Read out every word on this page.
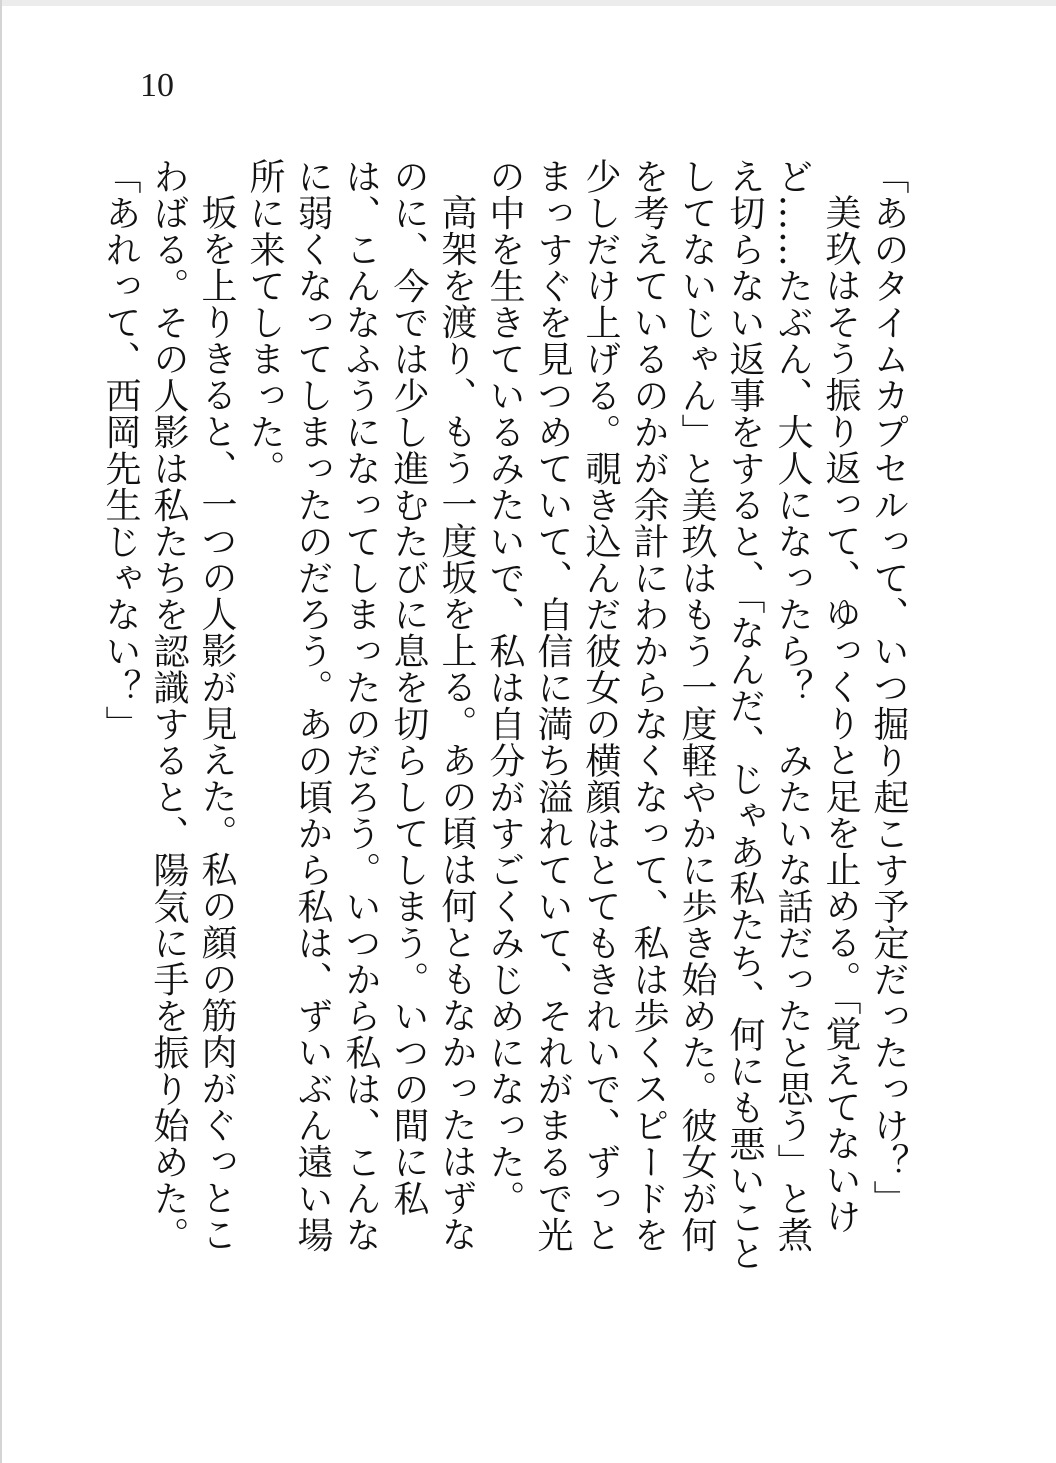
10

「あのタイムカプセルって、いつ掘り起こす予定だったっけ？」

美玖はそう振り返って、ゆっくりと足を止める。「覚えてないけど……たぶん、大人になったら？　みたいな話だったと思う」と煮え切らない返事をすると、「なんだ、じゃあ私たち、何にも悪いことしてないじゃん」と美玖はもう一度軽やかに歩き始めた。彼女が何を考えているのかが余計にわからなくなって、私は歩くスピードを少しだけ上げる。覗き込んだ彼女の横顔はとてもきれいで、ずっとまっすぐを見つめていて、自信に満ち溢れていて、それがまるで光の中を生きているみたいで、私は自分がすごくみじめになった。

高架を渡り、もう一度坂を上る。あの頃は何ともなかったはずなのに、今では少し進むたびに息を切らしてしまう。いつの間に私は、こんなふうになってしまったのだろう。いつから私は、こんなに弱くなってしまったのだろう。あの頃から私は、ずいぶん遠い場所に来てしまった。

坂を上りきると、一つの人影が見えた。私の顔の筋肉がぐっとこわばる。その人影は私たちを認識すると、陽気に手を振り始めた。

「あれって、西岡先生じゃない？」
